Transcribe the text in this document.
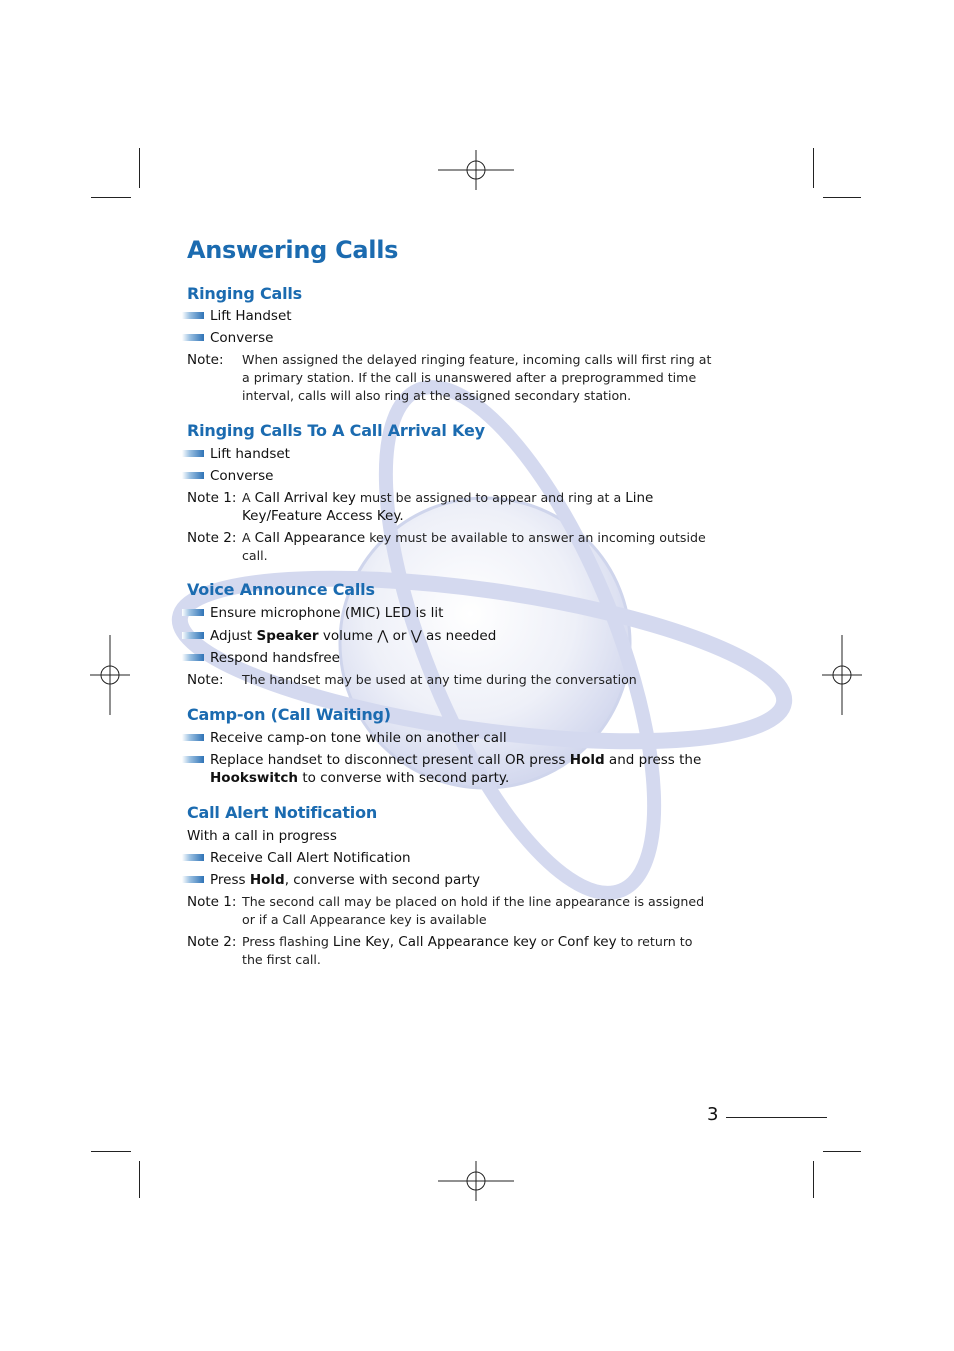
Answering Calls
Ringing Calls
Lift Handset
Converse
Note: When assigned the delayed ringing feature, incoming calls will first ring at a primary station. If the call is unanswered after a preprogrammed time interval, calls will also ring at the assigned secondary station.
Ringing Calls To A Call Arrival Key
Lift handset
Converse
Note 1: A Call Arrival key must be assigned to appear and ring at a Line Key/Feature Access Key.
Note 2: A Call Appearance key must be available to answer an incoming outside call.
Voice Announce Calls
Ensure microphone (MIC) LED is lit
Adjust Speaker volume ⋀ or ⋁ as needed
Respond handsfree
Note: The handset may be used at any time during the conversation
Camp-on (Call Waiting)
Receive camp-on tone while on another call
Replace handset to disconnect present call OR press Hold and press the
Hookswitch to converse with second party.
Call Alert Notification
With a call in progress
Receive Call Alert Notification
Press Hold, converse with second party
Note 1: The second call may be placed on hold if the line appearance is assigned or if a Call Appearance key is available
Note 2: Press flashing Line Key, Call Appearance key or Conf key to return to the first call.
3
